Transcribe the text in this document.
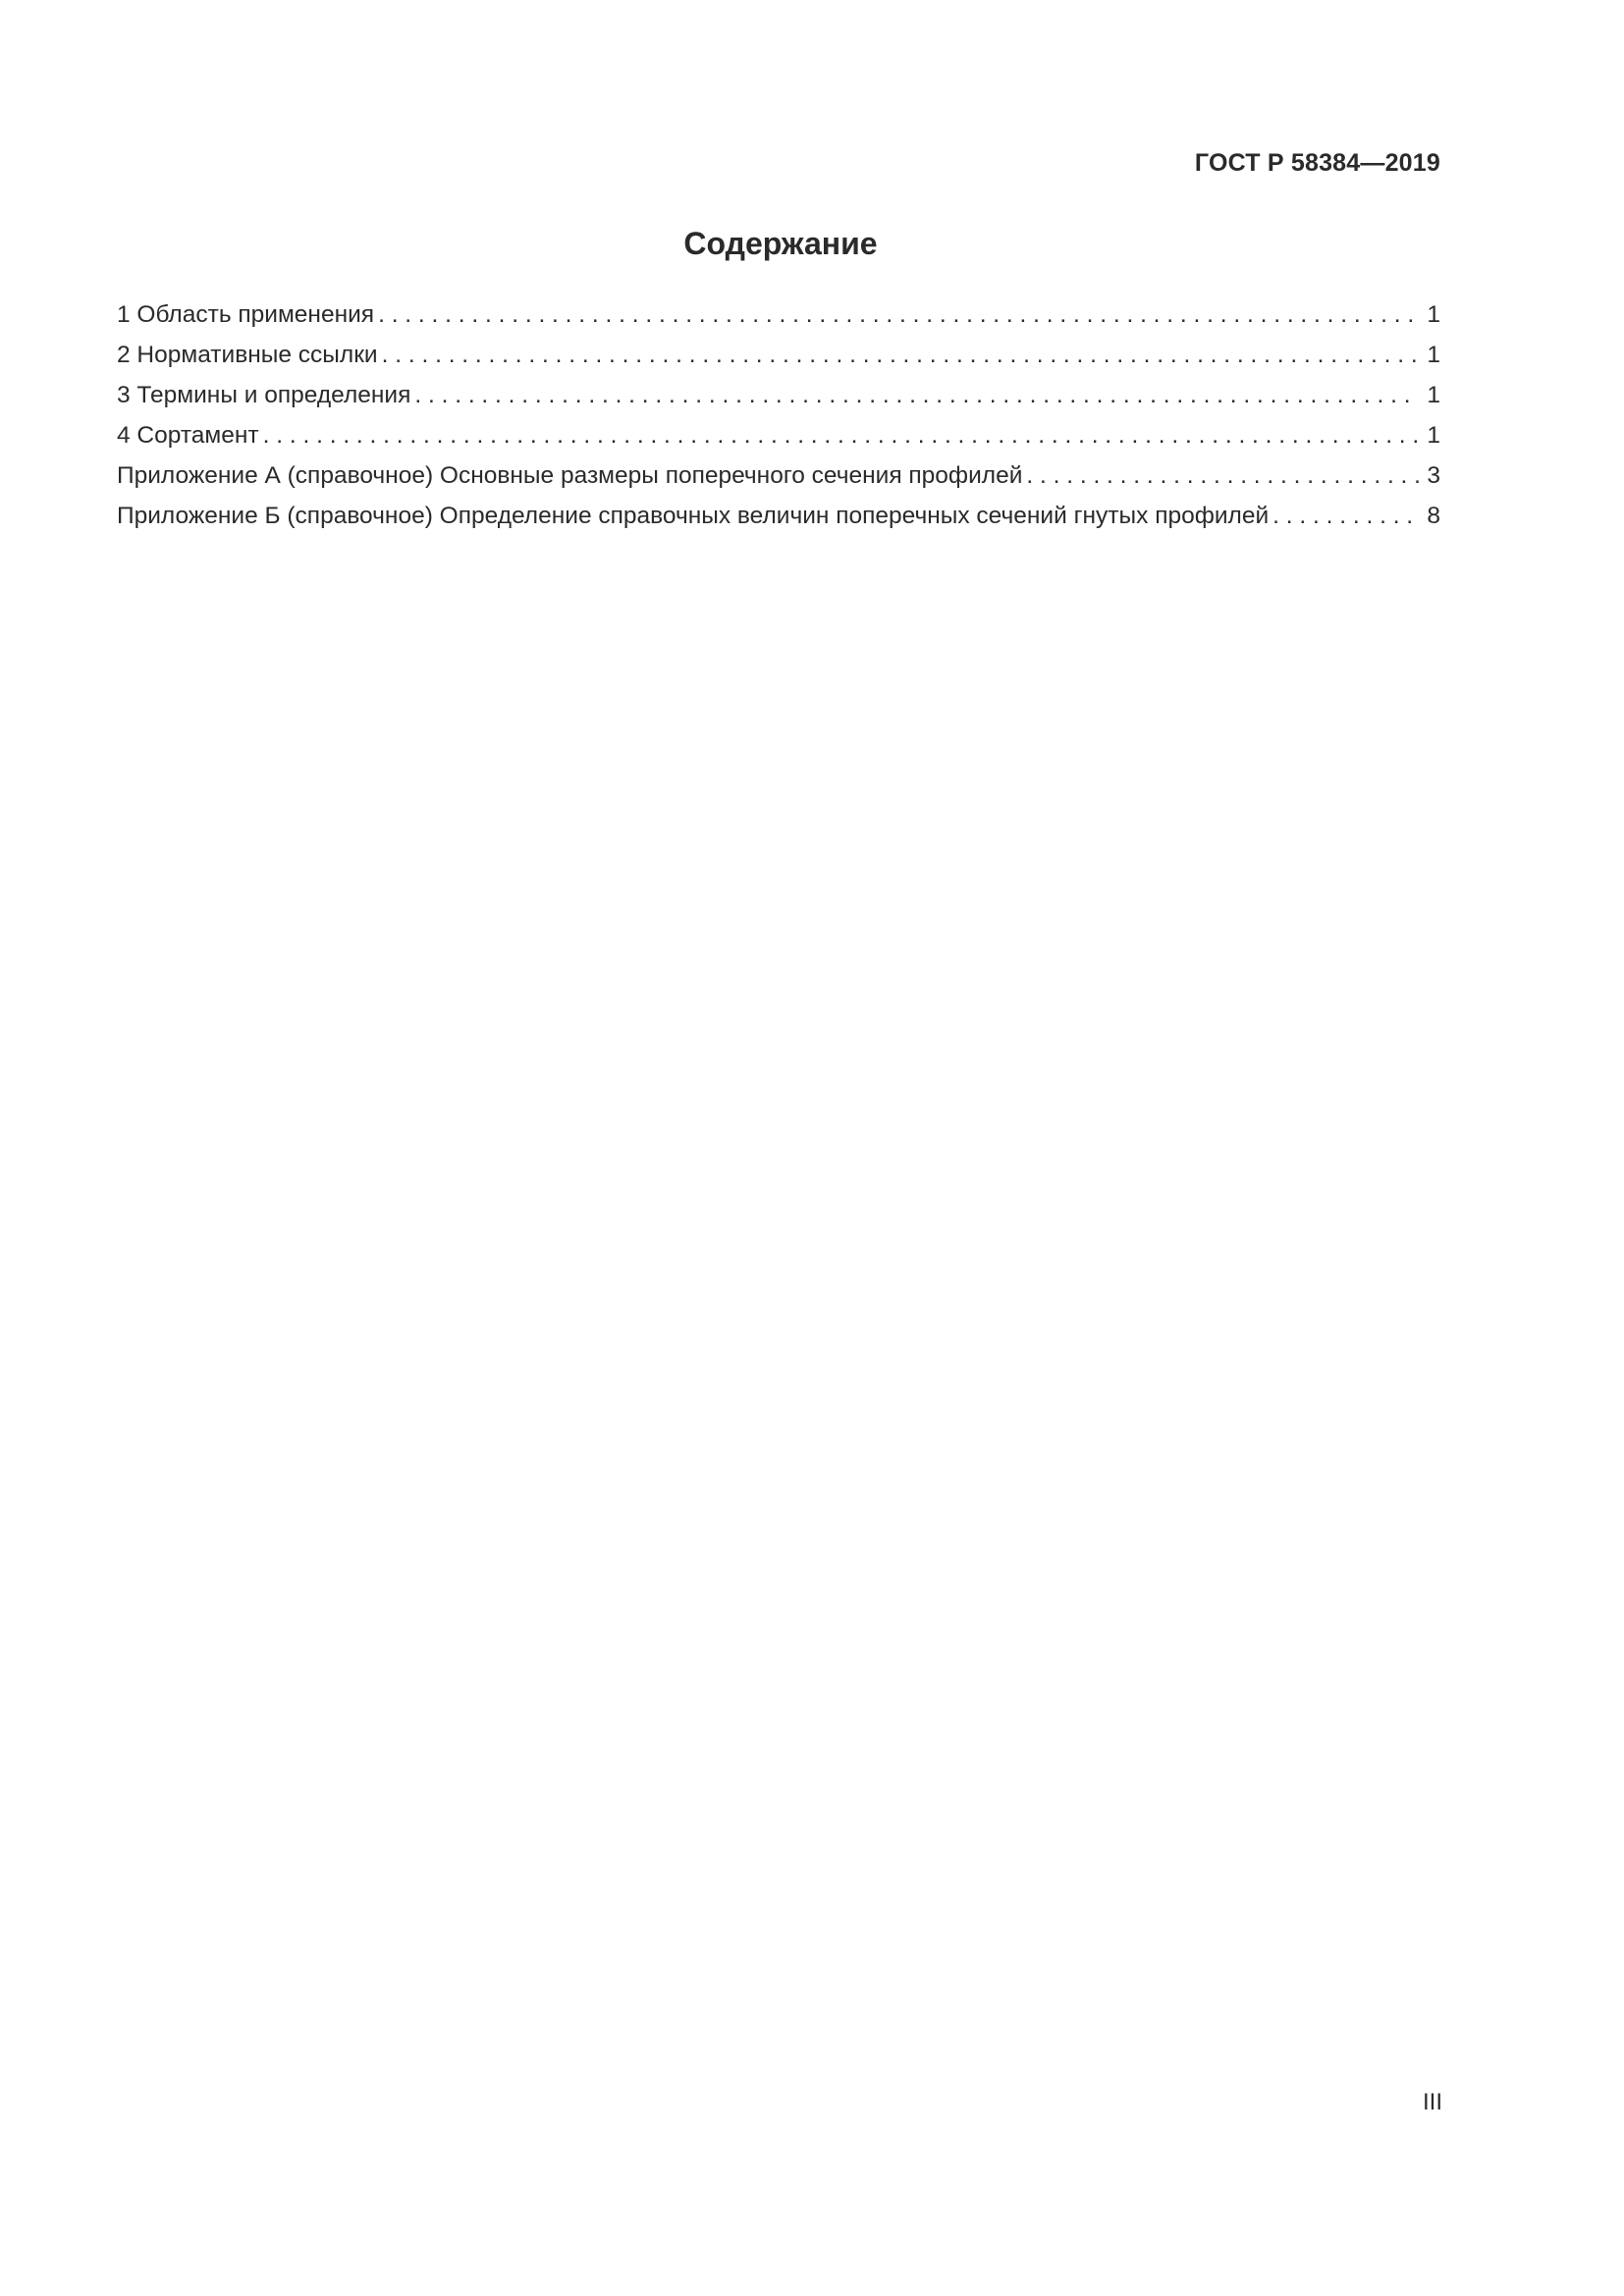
ГОСТ Р 58384—2019
Содержание
1 Область применения . . .	1
2 Нормативные ссылки . . .	1
3 Термины и определения . . .	1
4 Сортамент . . .	1
Приложение А (справочное) Основные размеры поперечного сечения профилей . . .	3
Приложение Б (справочное) Определение справочных величин поперечных сечений гнутых профилей . . .	8
III
